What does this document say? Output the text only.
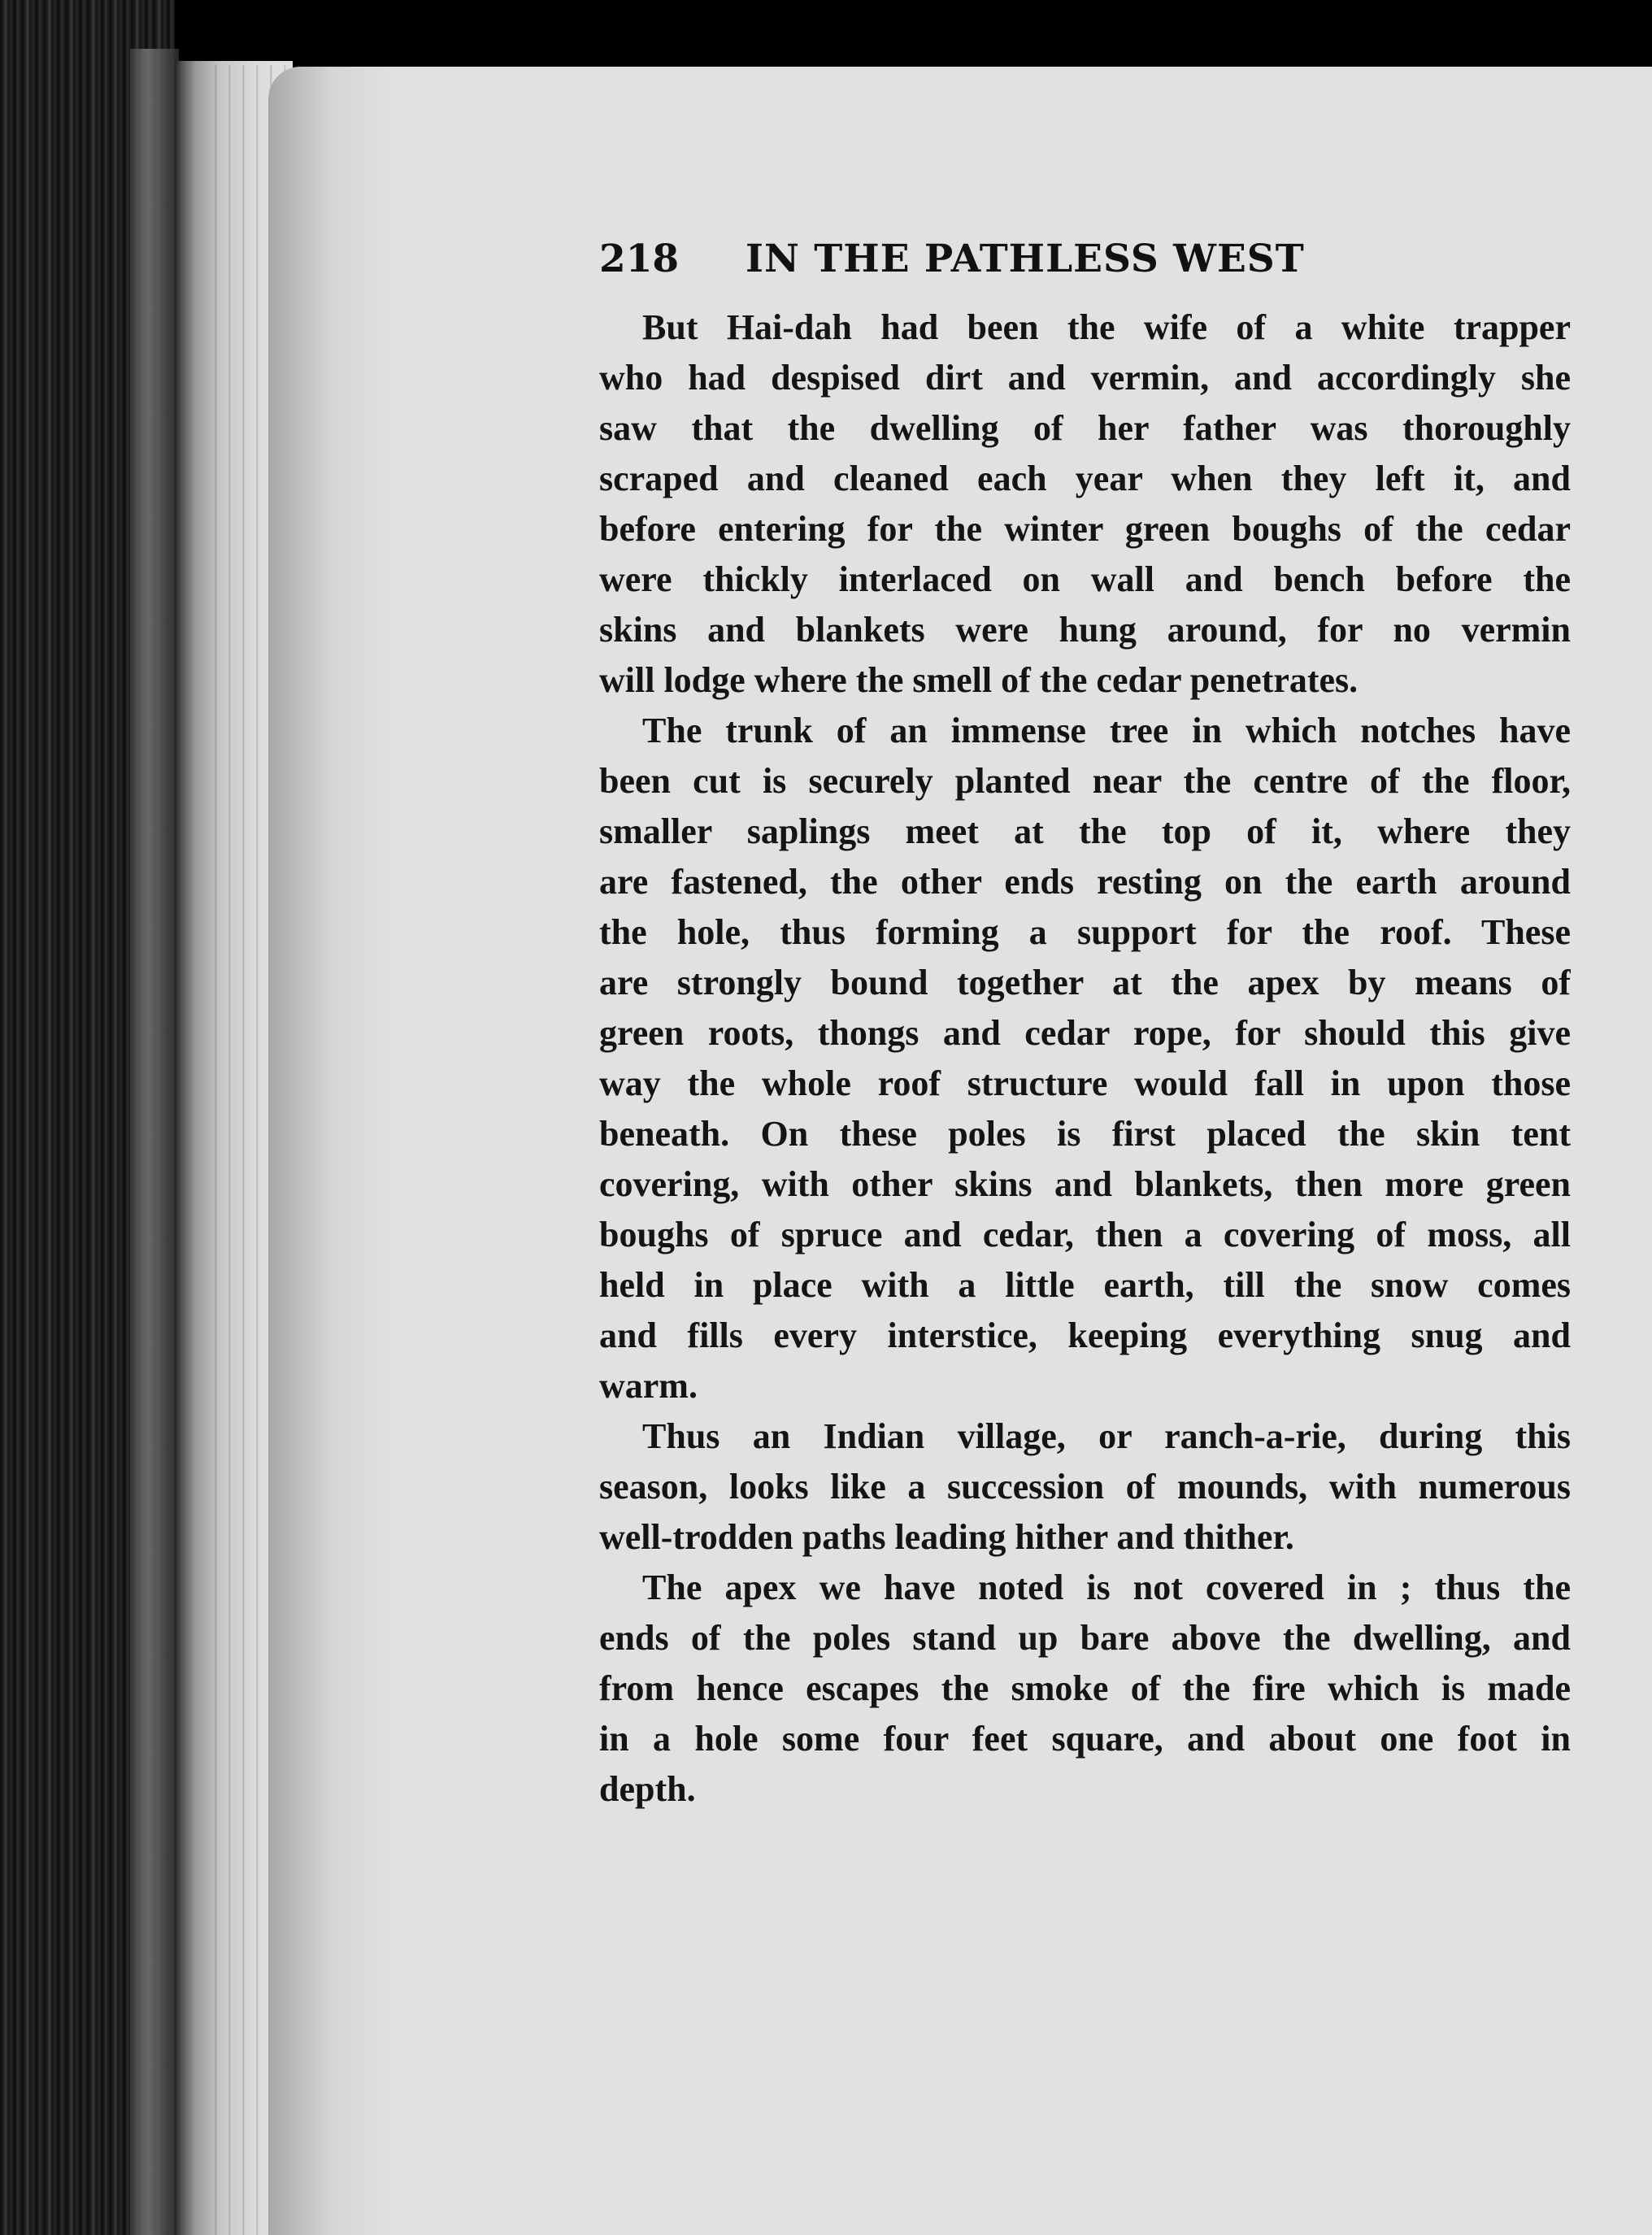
218 IN THE PATHLESS WEST
But Hai-dah had been the wife of a white trapper
who had despised dirt and vermin, and accordingly she
saw that the dwelling of her father was thoroughly
scraped and cleaned each year when they left it, and
before entering for the winter green boughs of the cedar
were thickly interlaced on wall and bench before the
skins and blankets were hung around, for no vermin
will lodge where the smell of the cedar penetrates.
The trunk of an immense tree in which notches have
been cut is securely planted near the centre of the floor,
smaller saplings meet at the top of it, where they
are fastened, the other ends resting on the earth around
the hole, thus forming a support for the roof. These
are strongly bound together at the apex by means of
green roots, thongs and cedar rope, for should this give
way the whole roof structure would fall in upon those
beneath. On these poles is first placed the skin tent
covering, with other skins and blankets, then more green
boughs of spruce and cedar, then a covering of moss, all
held in place with a little earth, till the snow comes
and fills every interstice, keeping everything snug and
warm.
Thus an Indian village, or ranch-a-rie, during this
season, looks like a succession of mounds, with numerous
well-trodden paths leading hither and thither.
The apex we have noted is not covered in ; thus the
ends of the poles stand up bare above the dwelling, and
from hence escapes the smoke of the fire which is made
in a hole some four feet square, and about one foot in
depth.
